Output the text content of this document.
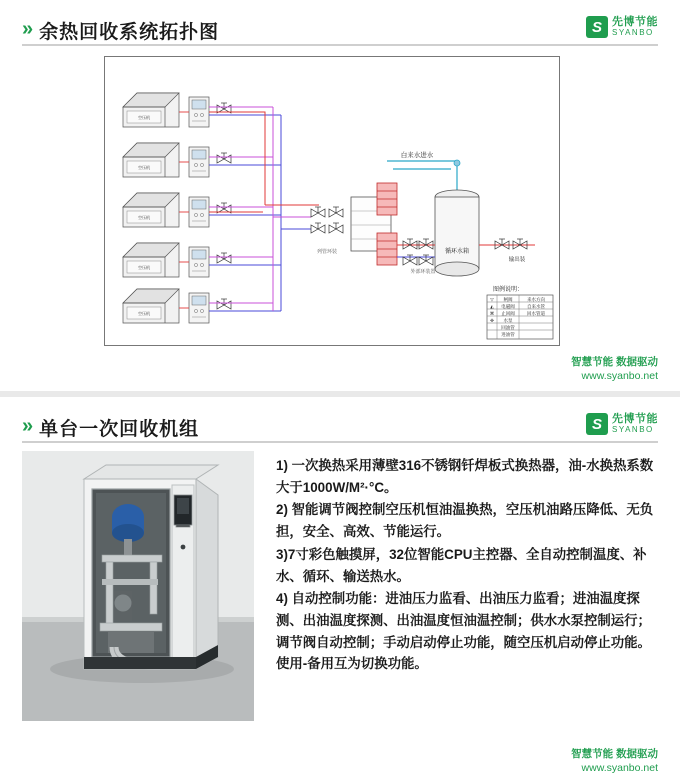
» 余热回收系统拓扑图	S 先博节能
SYANBO
空压机
白来水进水
循环水箱
输出装
列管环装
外部环装置
图例说明：
▽ 闸阀	来水方向
◭ 电磁阀	自来水管
⌘ 止回阀	回水管道
✜ 水泵
回油管
进油管
智慧节能 数据驱动
www.syanbo.net
» 单台一次回收机组	S 先博节能
SYANBO

1) 一次换热采用薄壁316不锈钢钎焊板式换热器，油-水换热系数大于1000W/M²·°C。

2) 智能调节阀控制空压机恒油温换热，空压机油路压降低、无负担，安全、高效、节能运行。

3)7寸彩色触摸屏，32位智能CPU主控器、全自动控制温度、补水、循环、输送热水。

4) 自动控制功能：进油压力监看、出油压力监看；进油温度探测、出油温度探测、出油温度恒油温控制；供水水泵控制运行；调节阀自动控制；手动启动停止功能，随空压机启动停止功能。使用-备用互为切换功能。

智慧节能 数据驱动
www.syanbo.net
